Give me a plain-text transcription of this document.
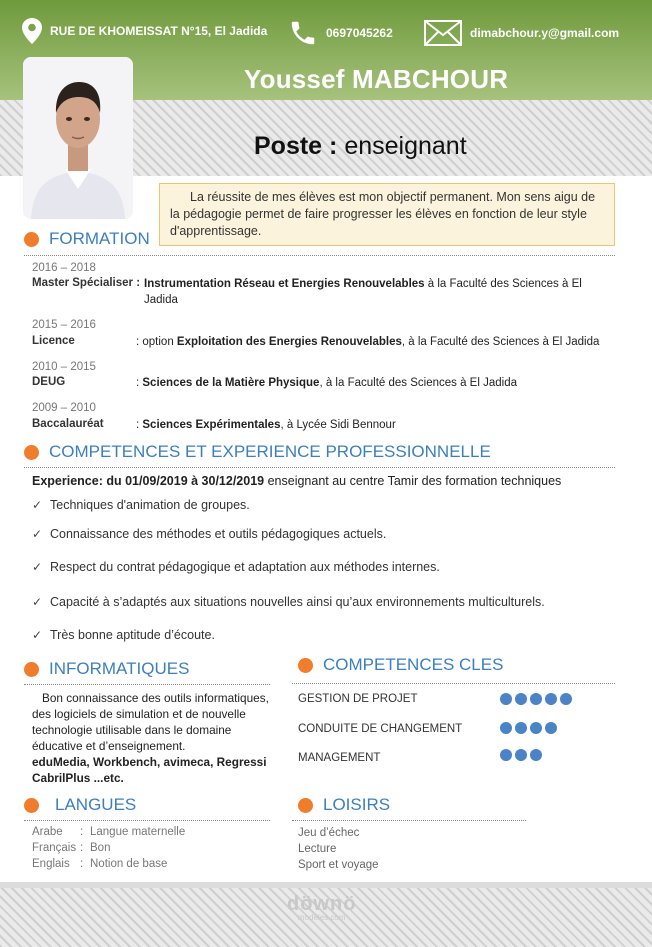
RUE DE KHOMEISSAT N°15, El Jadida	0697045262	dimabchour.y@gmail.com
Youssef MABCHOUR
Poste : enseignant

La réussite de mes élèves est mon objectif permanent. Mon sens aigu de la pédagogie permet de faire progresser les élèves en fonction de leur style d'apprentissage.

FORMATION
2016 – 2018
Master Spécialiser : Instrumentation Réseau et Energies Renouvelables à la Faculté des Sciences à El Jadida
2015 – 2016
Licence	: option Exploitation des Energies Renouvelables, à la Faculté des Sciences à El Jadida
2010 – 2015
DEUG	: Sciences de la Matière Physique, à la Faculté des Sciences à El Jadida
2009 – 2010
Baccalauréat	: Sciences Expérimentales, à Lycée Sidi Bennour
COMPETENCES ET EXPERIENCE PROFESSIONNELLE
Experience: du 01/09/2019 à 30/12/2019 enseignant au centre Tamir des formation techniques
✓ Techniques d'animation de groupes.
✓ Connaissance des méthodes et outils pédagogiques actuels.
✓ Respect du contrat pédagogique et adaptation aux méthodes internes.
✓ Capacité à s’adaptés aux situations nouvelles ainsi qu’aux environnements multiculturels.
✓ Très bonne aptitude d’écoute.
INFORMATIQUES

Bon connaissance des outils informatiques, des logiciels de simulation et de nouvelle technologie utilisable dans le domaine éducative et d’enseignement.

eduMedia, Workbench, avimeca, Regressi CabrilPlus ...etc.
COMPETENCES CLES
GESTION DE PROJET
CONDUITE DE CHANGEMENT
MANAGEMENT
LANGUES
Arabe	: Langue maternelle
Français : Bon
Englais : Notion de base
LOISIRS
Jeu d’échec
Lecture
Sport et voyage
döwnö
modèles.com
